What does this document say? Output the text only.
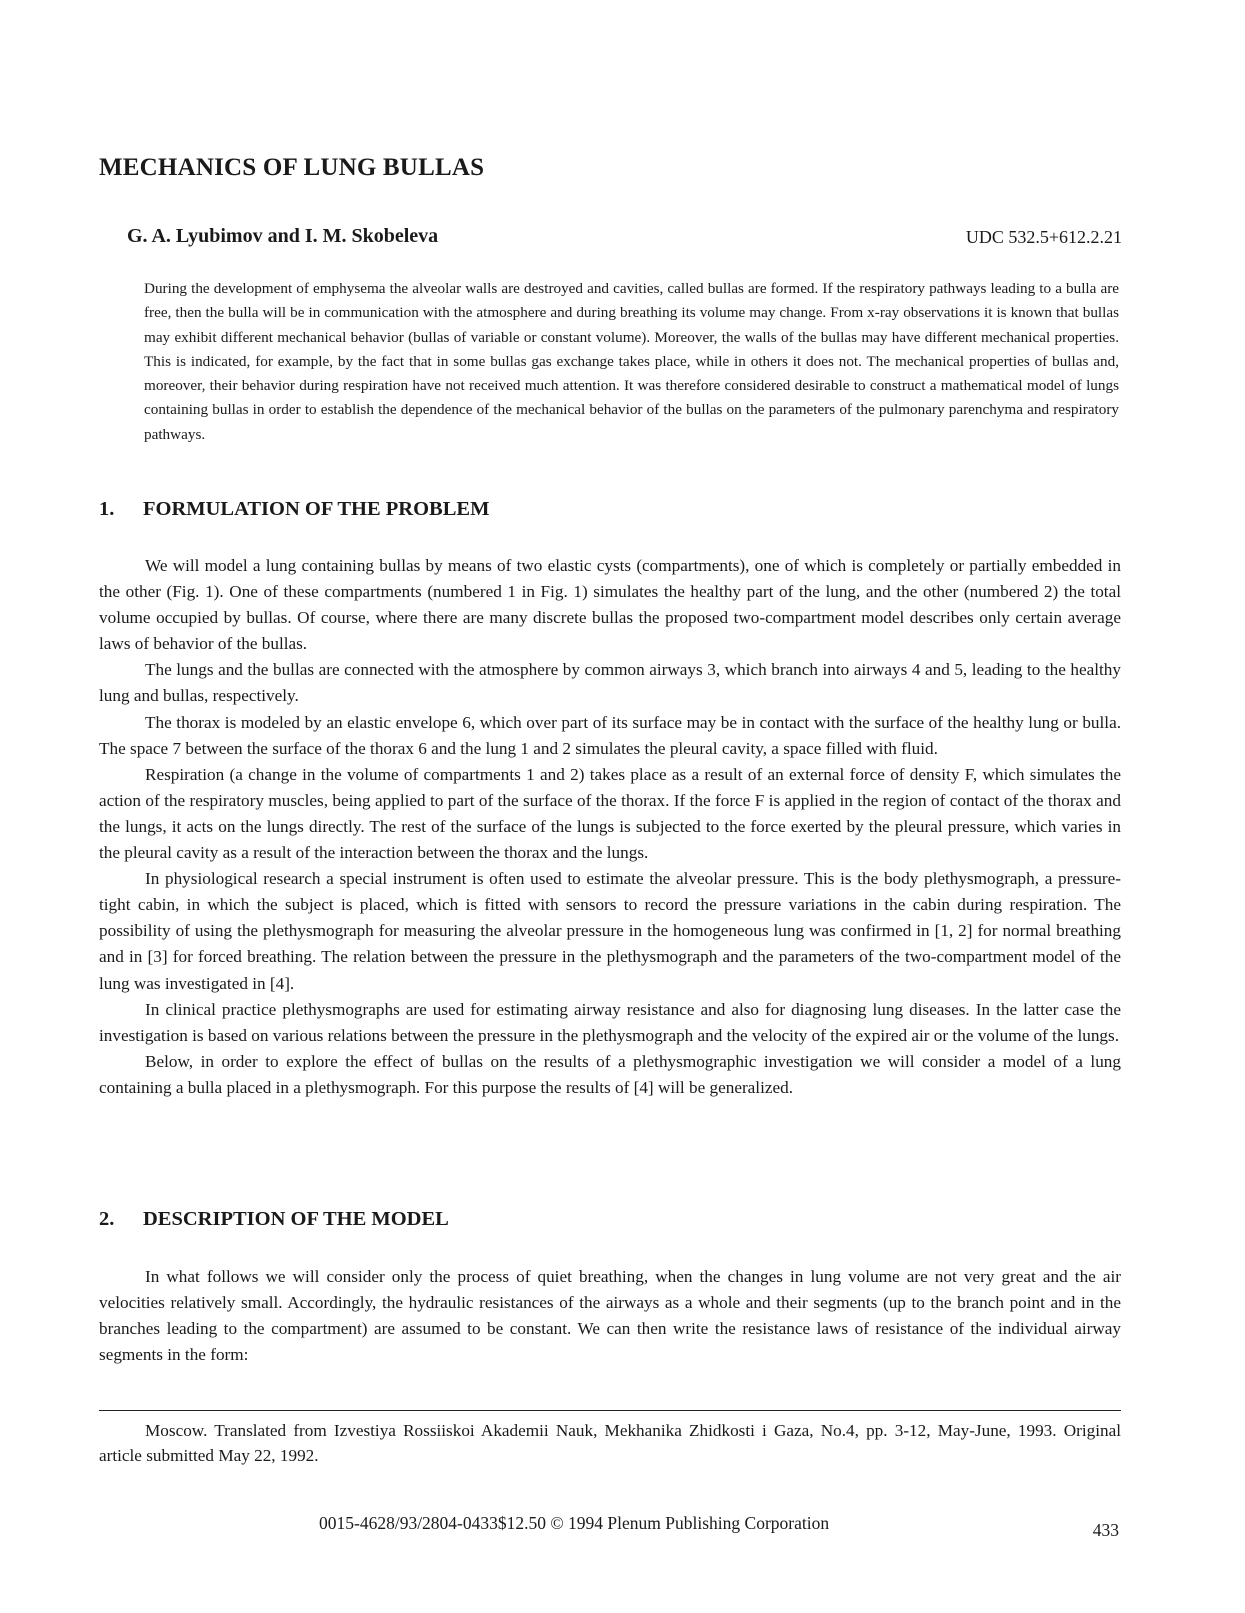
MECHANICS OF LUNG BULLAS

G. A. Lyubimov and I. M. Skobeleva	UDC 532.5+612.2.21

During the development of emphysema the alveolar walls are destroyed and cavities, called bullas are formed. If the respiratory pathways leading to a bulla are free, then the bulla will be in communication with the atmosphere and during breathing its volume may change. From x-ray observations it is known that bullas may exhibit different mechanical behavior (bullas of variable or constant volume). Moreover, the walls of the bullas may have different mechanical properties. This is indicated, for example, by the fact that in some bullas gas exchange takes place, while in others it does not. The mechanical properties of bullas and, moreover, their behavior during respiration have not received much attention. It was therefore considered desirable to construct a mathematical model of lungs containing bullas in order to establish the dependence of the mechanical behavior of the bullas on the parameters of the pulmonary parenchyma and respiratory pathways.

1. FORMULATION OF THE PROBLEM

We will model a lung containing bullas by means of two elastic cysts (compartments), one of which is completely or partially embedded in the other (Fig. 1). One of these compartments (numbered 1 in Fig. 1) simulates the healthy part of the lung, and the other (numbered 2) the total volume occupied by bullas. Of course, where there are many discrete bullas the proposed two-compartment model describes only certain average laws of behavior of the bullas.

The lungs and the bullas are connected with the atmosphere by common airways 3, which branch into airways 4 and 5, leading to the healthy lung and bullas, respectively.

The thorax is modeled by an elastic envelope 6, which over part of its surface may be in contact with the surface of the healthy lung or bulla. The space 7 between the surface of the thorax 6 and the lung 1 and 2 simulates the pleural cavity, a space filled with fluid.

Respiration (a change in the volume of compartments 1 and 2) takes place as a result of an external force of density F, which simulates the action of the respiratory muscles, being applied to part of the surface of the thorax. If the force F is applied in the region of contact of the thorax and the lungs, it acts on the lungs directly. The rest of the surface of the lungs is subjected to the force exerted by the pleural pressure, which varies in the pleural cavity as a result of the interaction between the thorax and the lungs.

In physiological research a special instrument is often used to estimate the alveolar pressure. This is the body plethysmograph, a pressure-tight cabin, in which the subject is placed, which is fitted with sensors to record the pressure variations in the cabin during respiration. The possibility of using the plethysmograph for measuring the alveolar pressure in the homogeneous lung was confirmed in [1, 2] for normal breathing and in [3] for forced breathing. The relation between the pressure in the plethysmograph and the parameters of the two-compartment model of the lung was investigated in [4].

In clinical practice plethysmographs are used for estimating airway resistance and also for diagnosing lung diseases. In the latter case the investigation is based on various relations between the pressure in the plethysmograph and the velocity of the expired air or the volume of the lungs.

Below, in order to explore the effect of bullas on the results of a plethysmographic investigation we will consider a model of a lung containing a bulla placed in a plethysmograph. For this purpose the results of [4] will be generalized.

2. DESCRIPTION OF THE MODEL

In what follows we will consider only the process of quiet breathing, when the changes in lung volume are not very great and the air velocities relatively small. Accordingly, the hydraulic resistances of the airways as a whole and their segments (up to the branch point and in the branches leading to the compartment) are assumed to be constant. We can then write the resistance laws of resistance of the individual airway segments in the form:

Moscow. Translated from Izvestiya Rossiiskoi Akademii Nauk, Mekhanika Zhidkosti i Gaza, No.4, pp. 3-12, May-June, 1993. Original article submitted May 22, 1992.

0015-4628/93/2804-0433$12.50 © 1994 Plenum Publishing Corporation	433
